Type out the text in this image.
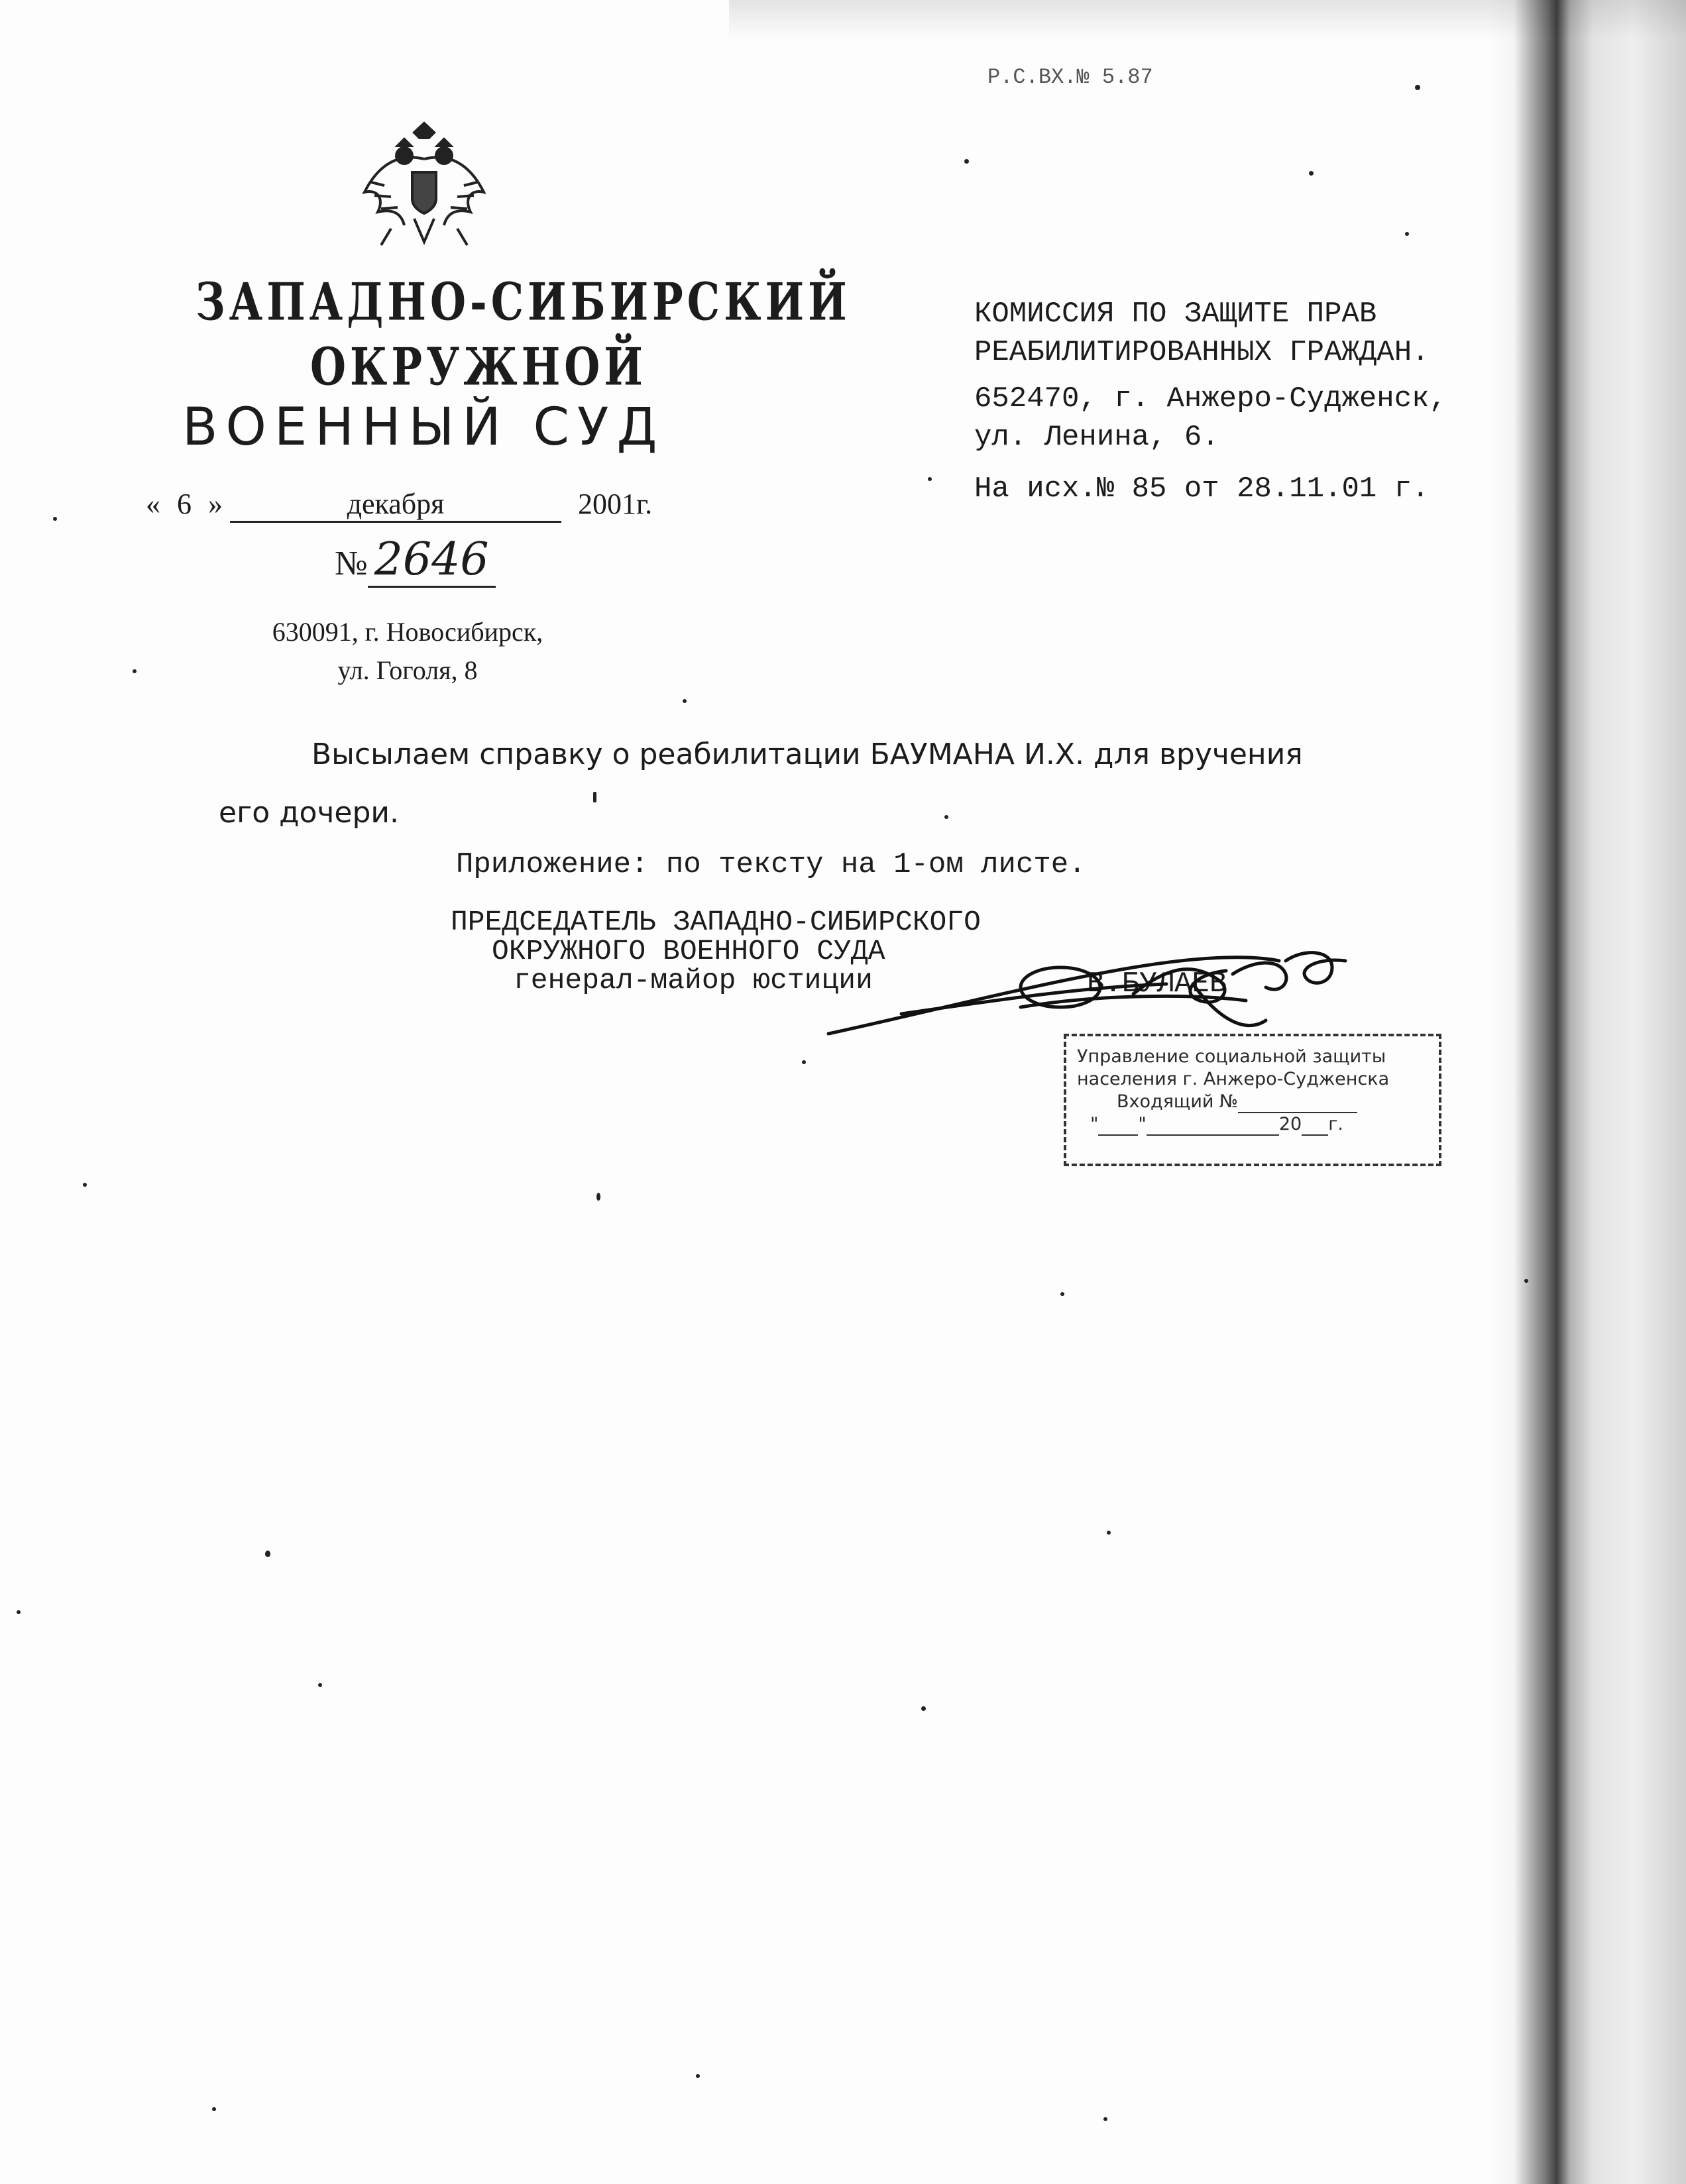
Р.С.ВХ.№ 5.87
ЗАПАДНО-СИБИРСКИЙ
ОКРУЖНОЙ
ВОЕННЫЙ СУД
« 6 »	декабря	2001г.
№ 2646
630091, г. Новосибирск,
ул. Гоголя, 8
КОМИССИЯ ПО ЗАЩИТЕ ПРАВ
РЕАБИЛИТИРОВАННЫХ ГРАЖДАН.
652470, г. Анжеро-Судженск,
ул. Ленина, 6.
На исх.№ 85 от 28.11.01 г.
Высылаем справку о реабилитации БАУМАНА И.Х. для вручения
его дочери.
Приложение: по тексту на 1-ом листе.
ПРЕДСЕДАТЕЛЬ ЗАПАДНО-СИБИРСКОГО
ОКРУЖНОГО ВОЕННОГО СУДА
генерал-майор юстиции	В.БУЛАЕВ
Управление социальной защиты
населения г. Анжеро-Судженска
Входящий №
" "	20 г.
